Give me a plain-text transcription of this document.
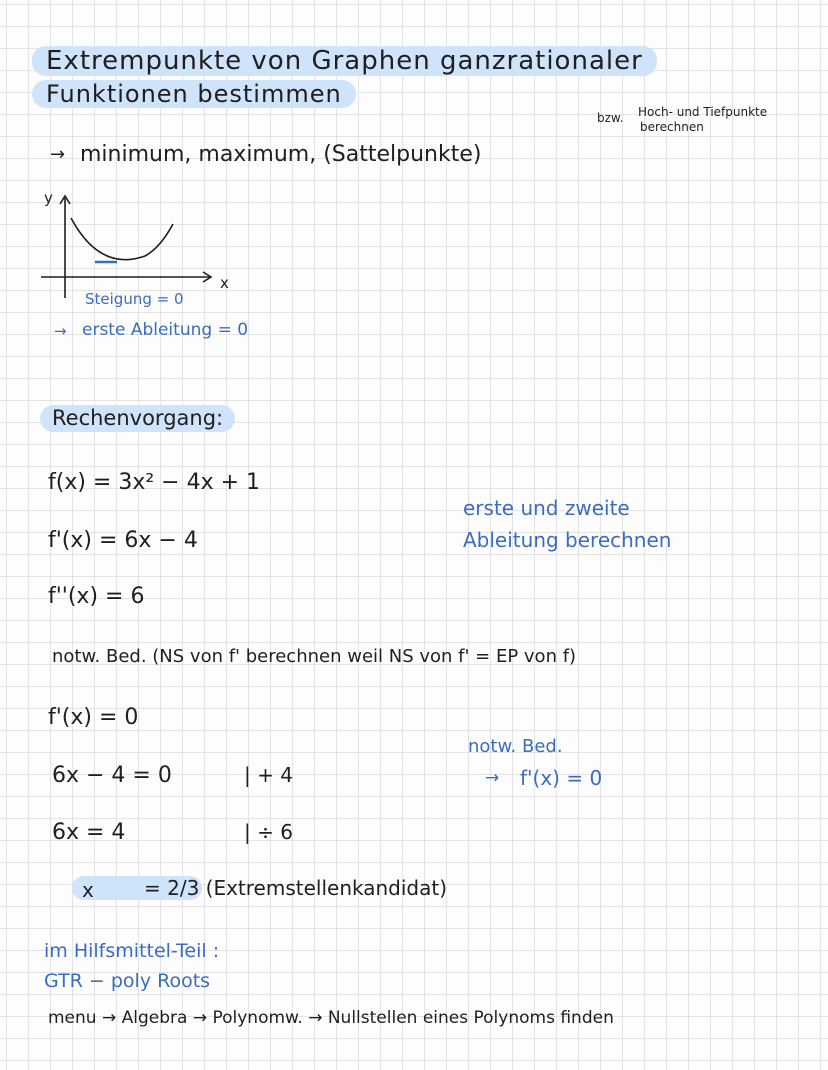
Extrempunkte von Graphen ganzrationaler
Funktionen bestimmen
bzw. Hoch- und Tiefpunkte
berechnen
→ minimum, maximum, (Sattelpunkte)
y
x
Steigung = 0
→ erste Ableitung = 0
Rechenvorgang:
f(x) = 3x² − 4x + 1
f'(x) = 6x − 4
f''(x) = 6
erste und zweite
Ableitung berechnen
notw. Bed. (NS von f' berechnen weil NS von f' = EP von f)
f'(x) = 0
6x − 4 = 0	| + 4
6x = 4	| ÷ 6
x	= 2/3 (Extremstellenkandidat)
notw. Bed.
→ f'(x) = 0
im Hilfsmittel-Teil :
GTR − poly Roots
menu → Algebra → Polynomw. → Nullstellen eines Polynoms finden
